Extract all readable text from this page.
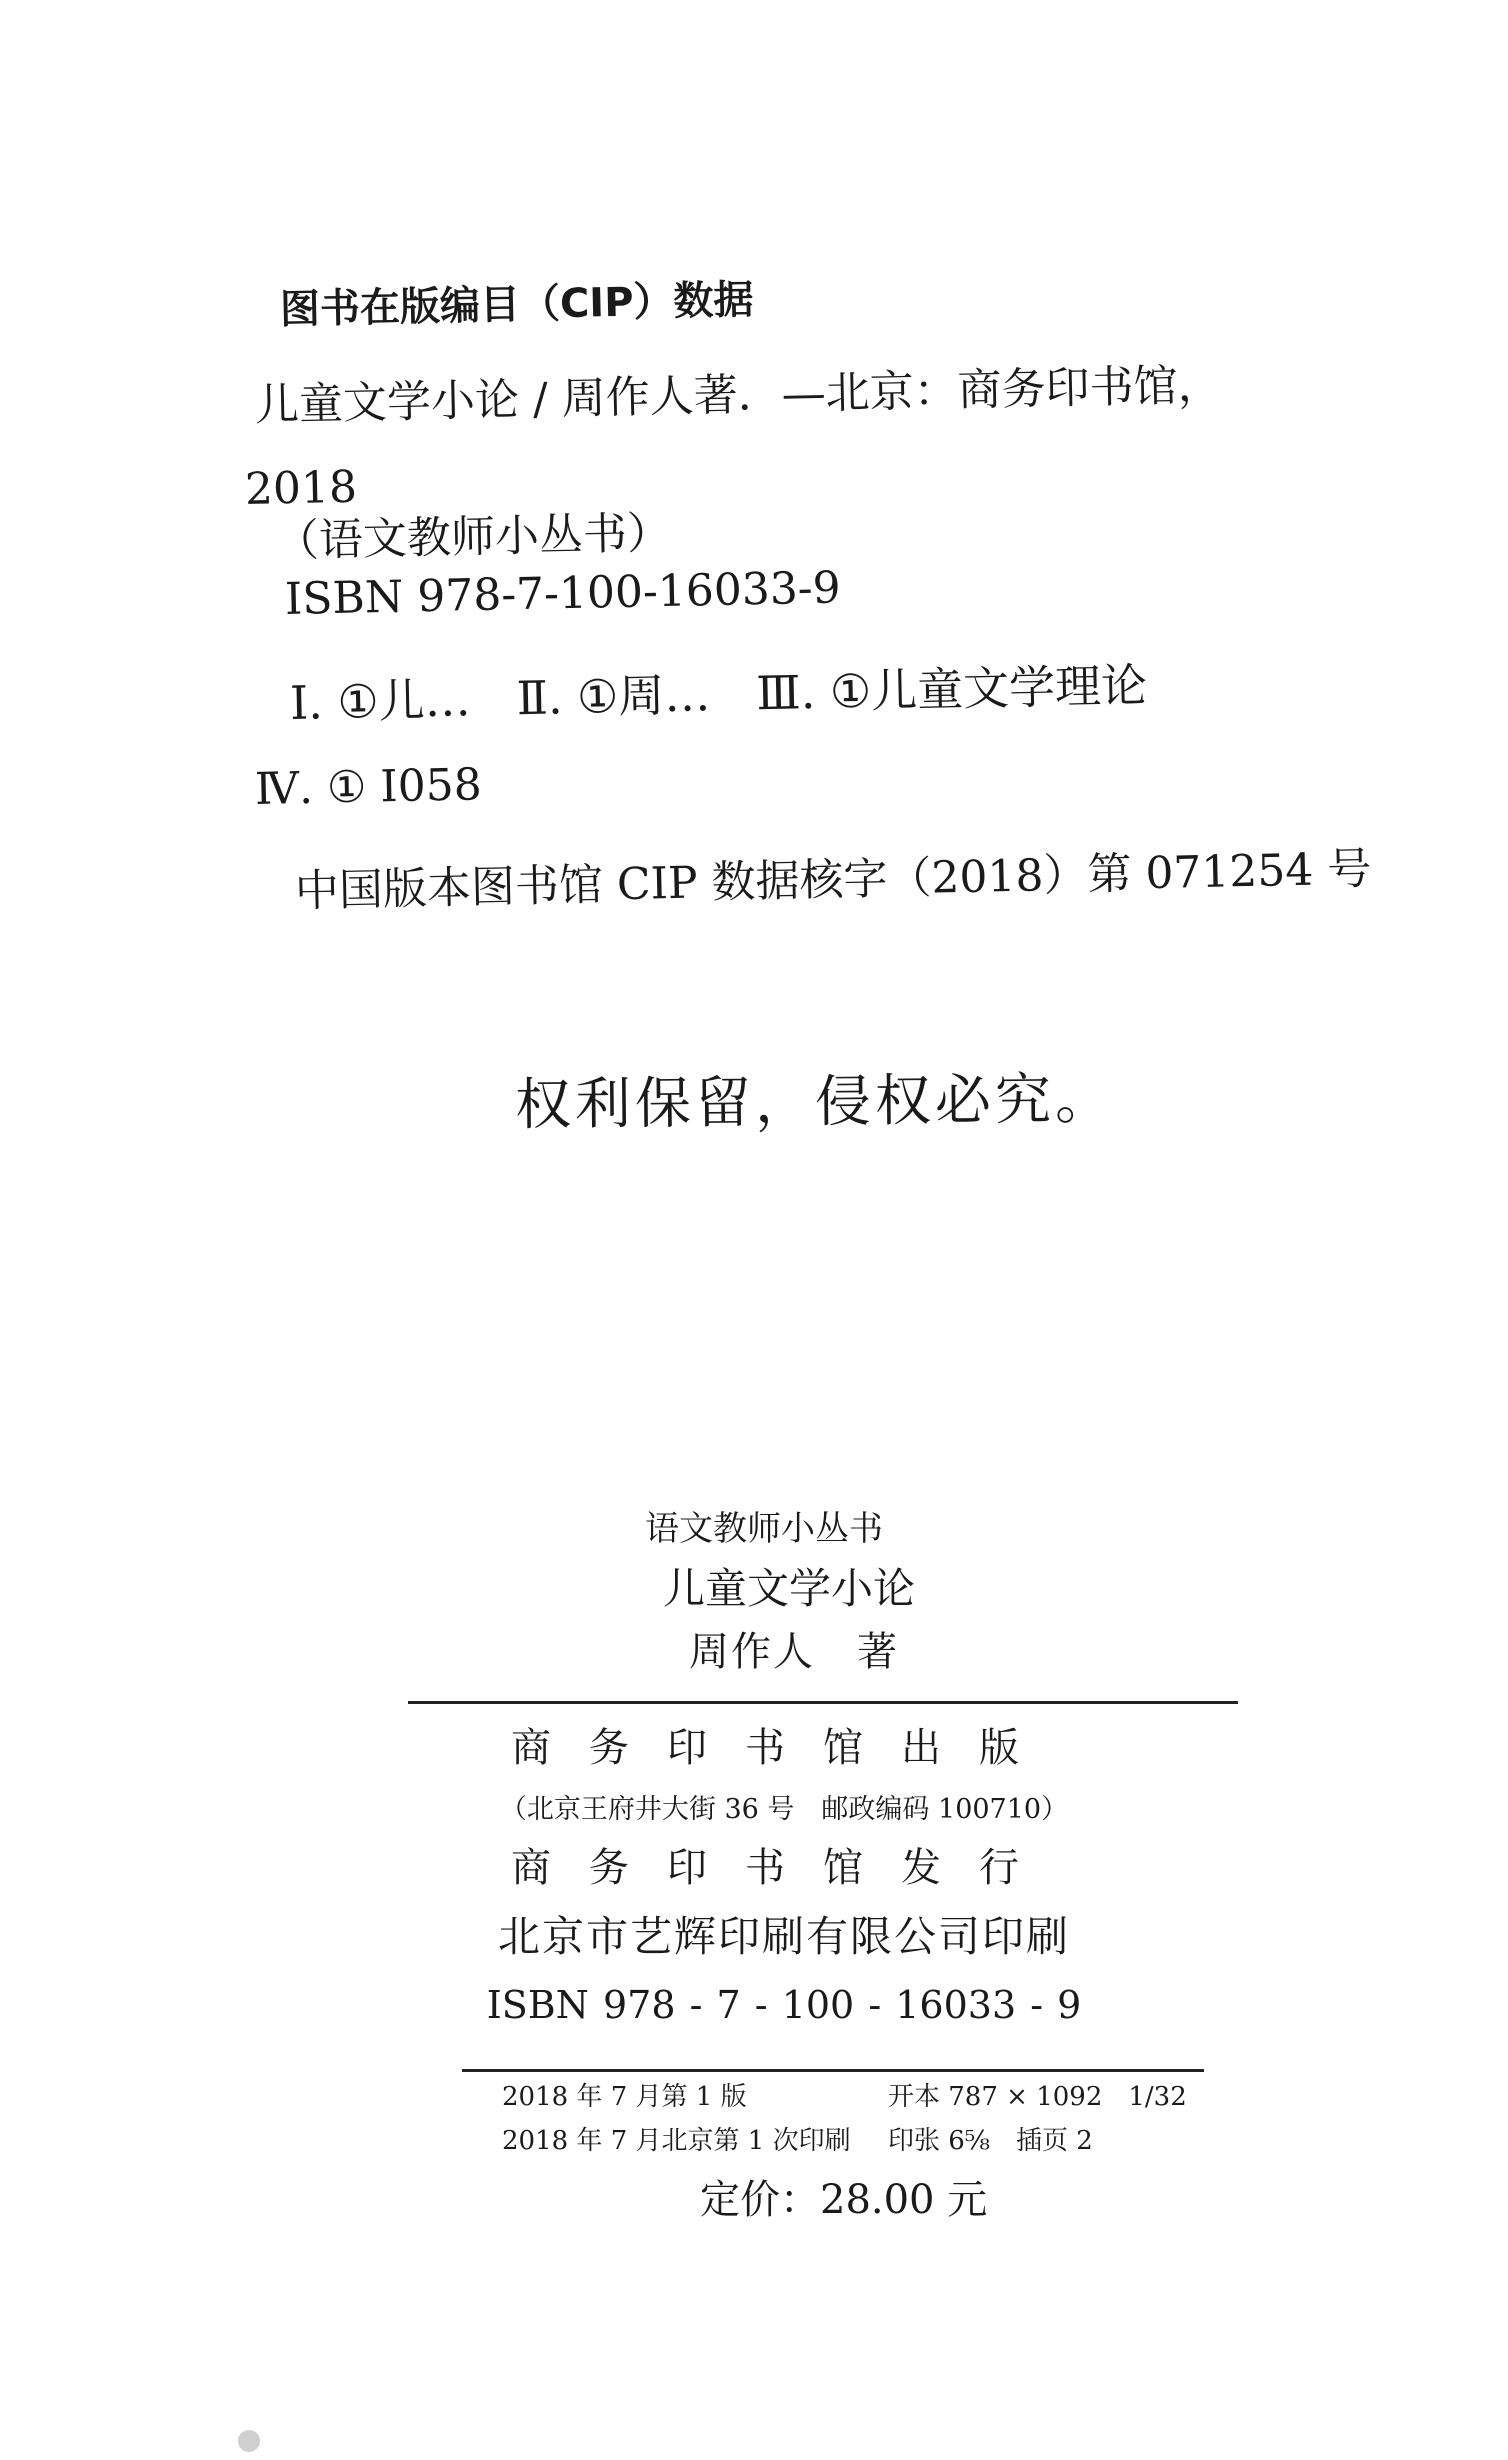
图书在版编目（CIP）数据
儿童文学小论 / 周作人著．—北京：商务印书馆，
2018
（语文教师小丛书）
ISBN 978-7-100-16033-9
Ⅰ. ①儿…　Ⅱ. ①周…　Ⅲ. ①儿童文学理论
Ⅳ. ① I058
中国版本图书馆 CIP 数据核字（2018）第 071254 号
权利保留，侵权必究。
语文教师小丛书
儿童文学小论
周作人　著
商务印书馆出版
（北京王府井大街 36 号　邮政编码 100710）
商务印书馆发行
北京市艺辉印刷有限公司印刷
ISBN 978 - 7 - 100 - 16033 - 9
2018 年 7 月第 1 版	开本 787 × 1092　1/32
2018 年 7 月北京第 1 次印刷 印张 6⅝　插页 2
定价：28.00 元
